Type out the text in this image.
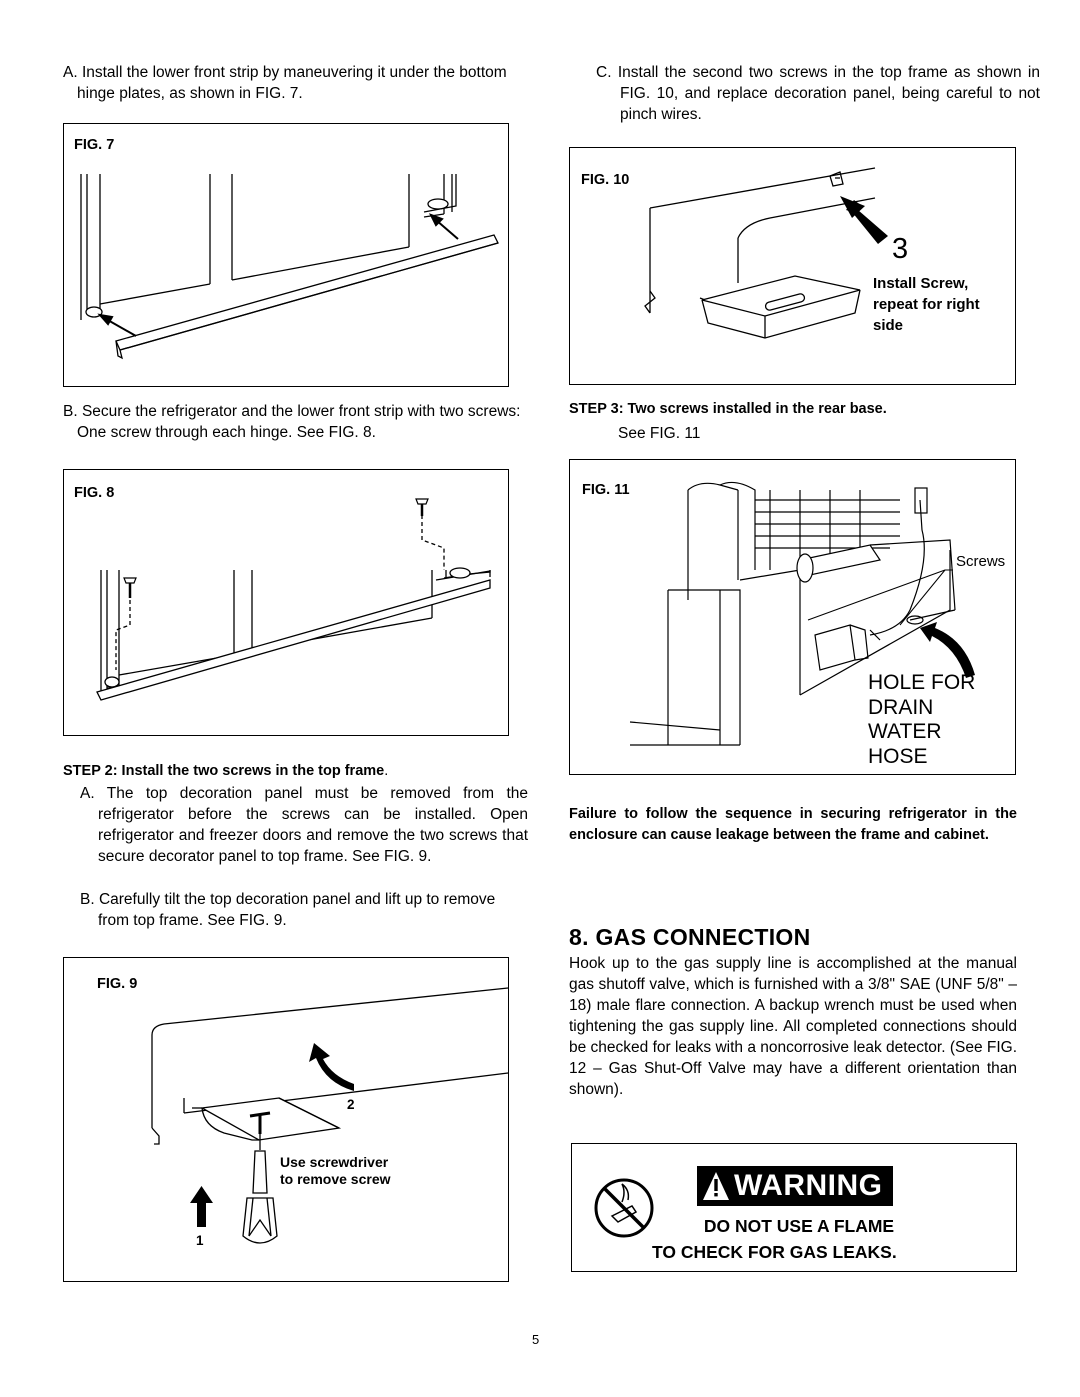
A. Install the lower front strip by maneuvering it under the bottom hinge plates, as shown in FIG. 7.
FIG. 7
B. Secure the refrigerator and the lower front strip with two screws: One screw through each hinge. See FIG. 8.
FIG. 8
STEP 2: Install the two screws in the top frame.
A. The top decoration panel must be removed from the refrigerator before the screws can be installed. Open refrigerator and freezer doors and remove the two screws that secure decorator panel to top frame. See FIG. 9.
B. Carefully tilt the top decoration panel and lift up to remove from top frame. See FIG. 9.
FIG. 9
2
Use screwdriver
to remove screw
1
C. Install the second two screws in the top frame as shown in FIG. 10, and replace decoration panel, being careful to not pinch wires.
FIG. 10
3
Install Screw,
repeat for right
side
STEP 3: Two screws installed in the rear base.
See FIG. 11
FIG. 11
Screws
HOLE FOR
DRAIN
WATER
HOSE
Failure to follow the sequence in securing refrigerator in the enclosure can cause leakage between the frame and cabinet.
8. GAS CONNECTION
Hook up to the gas supply line is accomplished at the manual gas shutoff valve, which is furnished with a 3/8" SAE (UNF 5/8" – 18) male flare connection. A backup wrench must be used when tightening the gas supply line. All completed connections should be checked for leaks with a noncorrosive leak detector. (See FIG. 12 – Gas Shut-Off Valve may have a different orientation than shown).
WARNING
DO NOT USE A FLAME
TO CHECK FOR GAS LEAKS.
5
